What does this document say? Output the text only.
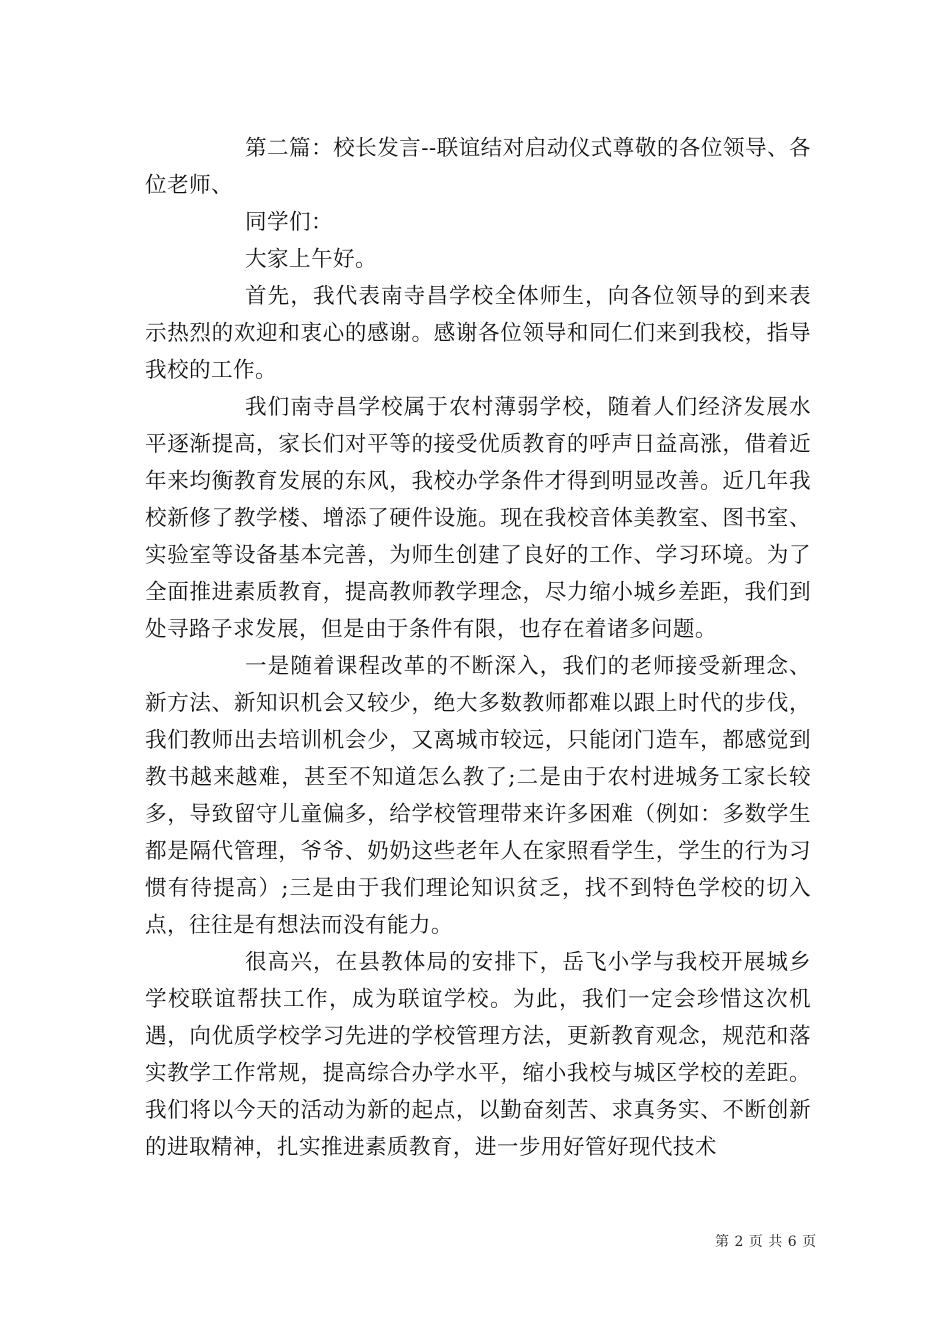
第二篇：校长发言--联谊结对启动仪式尊敬的各位领导、各位老师、

同学们：

大家上午好。

首先，我代表南寺昌学校全体师生，向各位领导的到来表示热烈的欢迎和衷心的感谢。感谢各位领导和同仁们来到我校，指导我校的工作。

我们南寺昌学校属于农村薄弱学校，随着人们经济发展水平逐渐提高，家长们对平等的接受优质教育的呼声日益高涨，借着近年来均衡教育发展的东风，我校办学条件才得到明显改善。近几年我校新修了教学楼、增添了硬件设施。现在我校音体美教室、图书室、实验室等设备基本完善，为师生创建了良好的工作、学习环境。为了全面推进素质教育，提高教师教学理念，尽力缩小城乡差距，我们到处寻路子求发展，但是由于条件有限，也存在着诸多问题。

一是随着课程改革的不断深入，我们的老师接受新理念、新方法、新知识机会又较少，绝大多数教师都难以跟上时代的步伐，我们教师出去培训机会少，又离城市较远，只能闭门造车，都感觉到教书越来越难，甚至不知道怎么教了;二是由于农村进城务工家长较多，导致留守儿童偏多，给学校管理带来许多困难（例如：多数学生都是隔代管理，爷爷、奶奶这些老年人在家照看学生，学生的行为习惯有待提高）;三是由于我们理论知识贫乏，找不到特色学校的切入点，往往是有想法而没有能力。

很高兴，在县教体局的安排下，岳飞小学与我校开展城乡学校联谊帮扶工作，成为联谊学校。为此，我们一定会珍惜这次机遇，向优质学校学习先进的学校管理方法，更新教育观念，规范和落实教学工作常规，提高综合办学水平，缩小我校与城区学校的差距。我们将以今天的活动为新的起点，以勤奋刻苦、求真务实、不断创新的进取精神，扎实推进素质教育，进一步用好管好现代技术

第 2 页 共 6 页
